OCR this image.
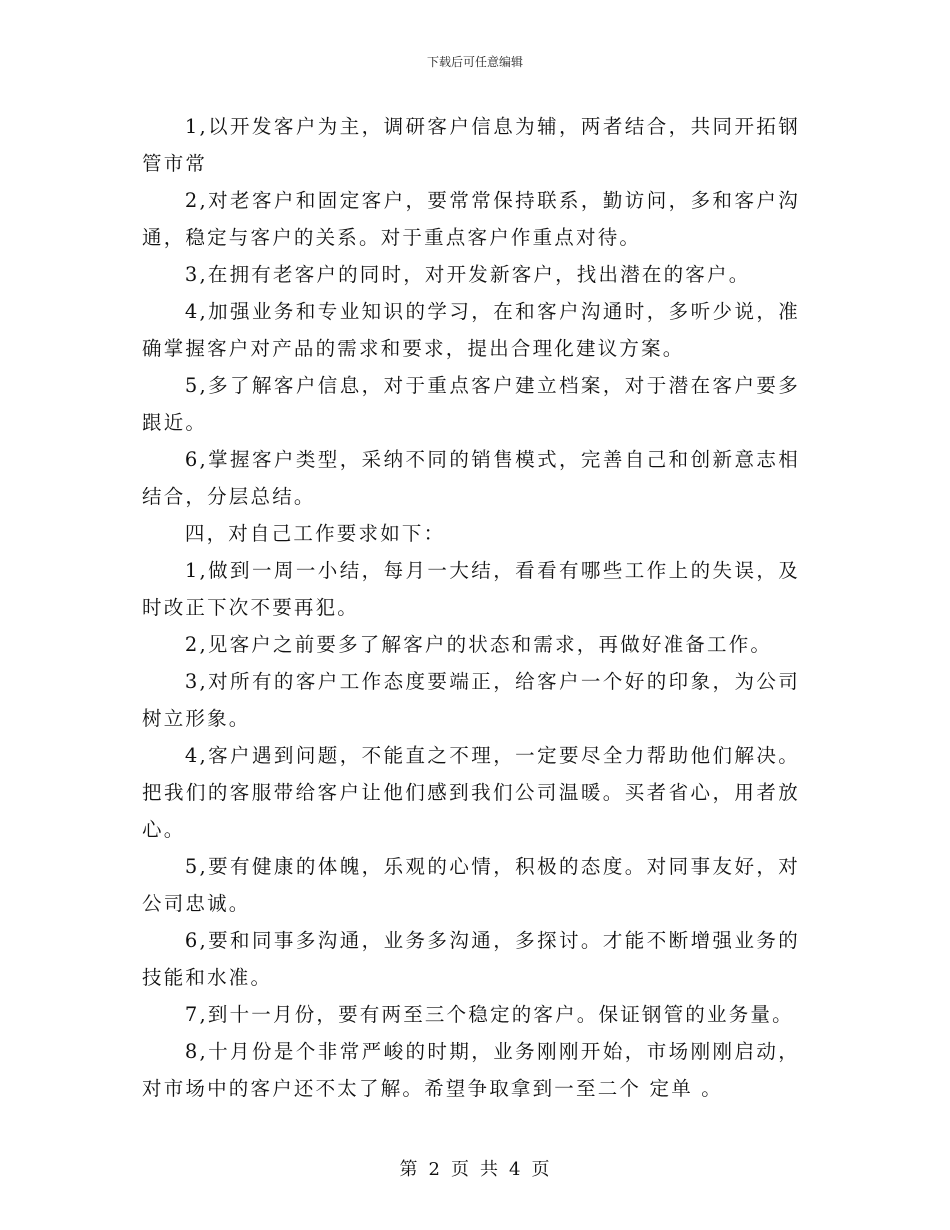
下载后可任意编辑

1,以开发客户为主，调研客户信息为辅，两者结合，共同开拓钢管市常

2,对老客户和固定客户，要常常保持联系，勤访问，多和客户沟通，稳定与客户的关系。对于重点客户作重点对待。

3,在拥有老客户的同时，对开发新客户，找出潜在的客户。

4,加强业务和专业知识的学习，在和客户沟通时，多听少说，准确掌握客户对产品的需求和要求，提出合理化建议方案。

5,多了解客户信息，对于重点客户建立档案，对于潜在客户要多跟近。

6,掌握客户类型，采纳不同的销售模式，完善自己和创新意志相结合，分层总结。

四，对自己工作要求如下：

1,做到一周一小结，每月一大结，看看有哪些工作上的失误，及时改正下次不要再犯。

2,见客户之前要多了解客户的状态和需求，再做好准备工作。

3,对所有的客户工作态度要端正，给客户一个好的印象，为公司树立形象。

4,客户遇到问题，不能直之不理，一定要尽全力帮助他们解决。把我们的客服带给客户让他们感到我们公司温暖。买者省心，用者放心。

5,要有健康的体魄，乐观的心情，积极的态度。对同事友好，对公司忠诚。

6,要和同事多沟通，业务多沟通，多探讨。才能不断增强业务的技能和水准。

7,到十一月份，要有两至三个稳定的客户。保证钢管的业务量。

8,十月份是个非常严峻的时期，业务刚刚开始，市场刚刚启动，对市场中的客户还不太了解。希望争取拿到一至二个 定单 。

第 2 页 共 4 页
